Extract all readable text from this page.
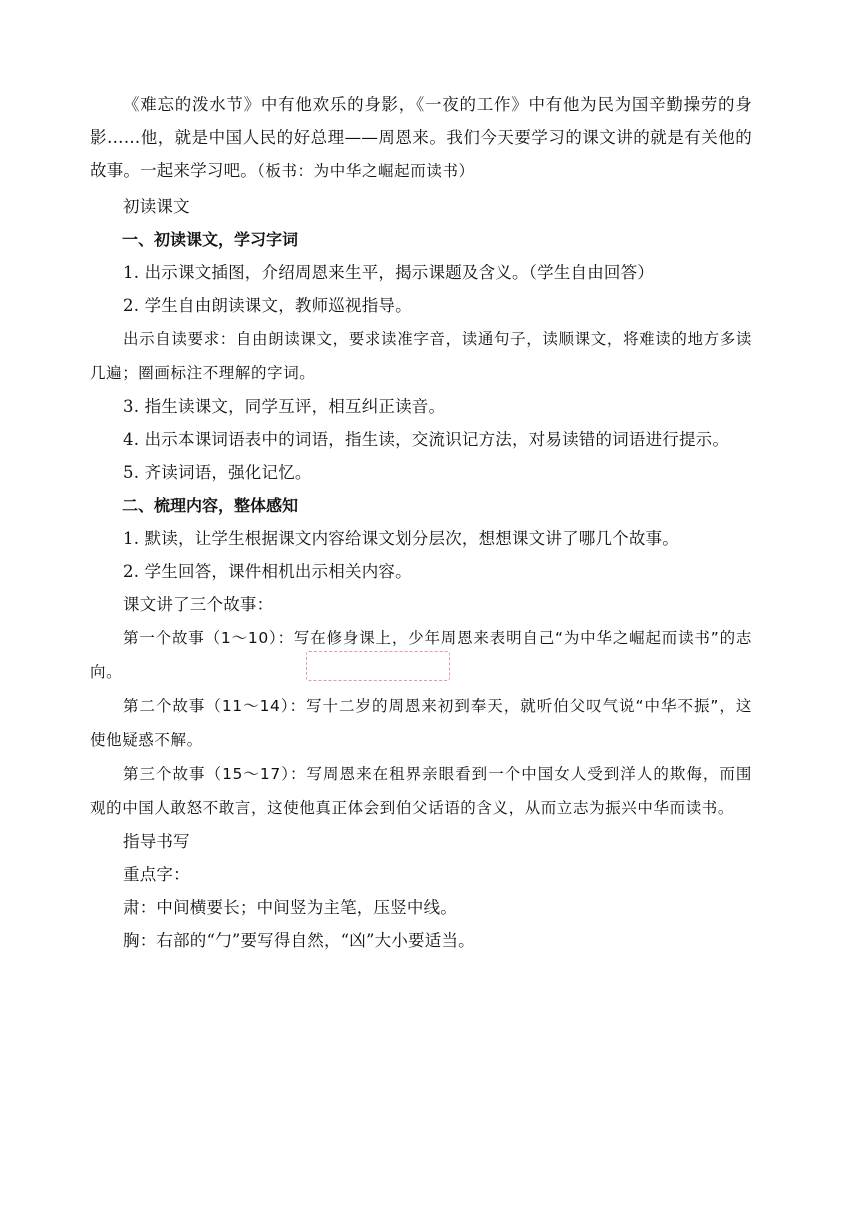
《难忘的泼水节》中有他欢乐的身影，《一夜的工作》中有他为民为国辛勤操劳的身影……他，就是中国人民的好总理——周恩来。我们今天要学习的课文讲的就是有关他的故事。一起来学习吧。（板书：为中华之崛起而读书）

初读课文

一、初读课文，学习字词

1. 出示课文插图，介绍周恩来生平，揭示课题及含义。（学生自由回答）

2. 学生自由朗读课文，教师巡视指导。

出示自读要求：自由朗读课文，要求读准字音，读通句子，读顺课文，将难读的地方多读几遍；圈画标注不理解的字词。

3. 指生读课文，同学互评，相互纠正读音。

4. 出示本课词语表中的词语，指生读，交流识记方法，对易读错的词语进行提示。

5. 齐读词语，强化记忆。

二、梳理内容，整体感知

1. 默读，让学生根据课文内容给课文划分层次，想想课文讲了哪几个故事。

2. 学生回答，课件相机出示相关内容。

课文讲了三个故事：

第一个故事（1～10）：写在修身课上，少年周恩来表明自己“为中华之崛起而读书”的志向。

第二个故事（11～14）：写十二岁的周恩来初到奉天，就听伯父叹气说“中华不振”，这使他疑惑不解。

第三个故事（15～17）：写周恩来在租界亲眼看到一个中国女人受到洋人的欺侮，而围观的中国人敢怒不敢言，这使他真正体会到伯父话语的含义，从而立志为振兴中华而读书。

指导书写

重点字：

肃：中间横要长；中间竖为主笔，压竖中线。

胸：右部的“勹”要写得自然，“凶”大小要适当。
